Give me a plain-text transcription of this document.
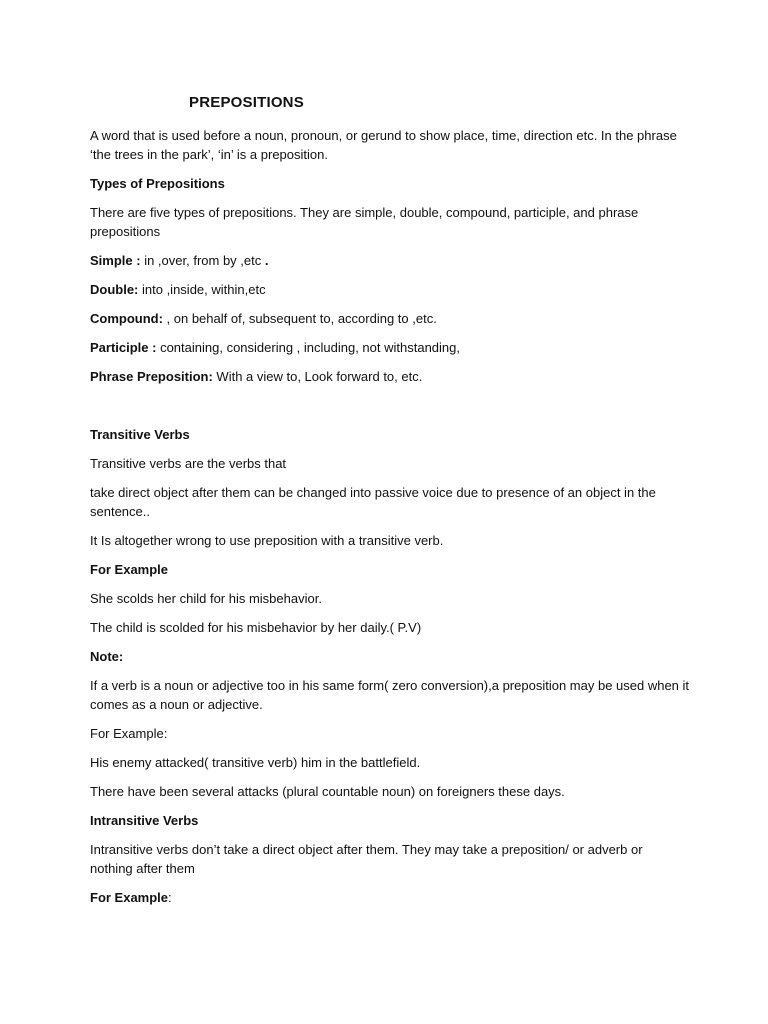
PREPOSITIONS

A word that is used before a noun, pronoun, or gerund to show place, time, direction etc. In the phrase
‘the trees in the park’, ‘in’ is a preposition.

Types of Prepositions

There are five types of prepositions. They are simple, double, compound, participle, and phrase
prepositions

Simple : in ,over, from by ,etc .

Double: into ,inside, within,etc

Compound: , on behalf of, subsequent to, according to ,etc.

Participle : containing, considering , including, not withstanding,

Phrase Preposition: With a view to, Look forward to, etc.

Transitive Verbs

Transitive verbs are the verbs that

take direct object after them can be changed into passive voice due to presence of an object in the
sentence..

It Is altogether wrong to use preposition with a transitive verb.

For Example

She scolds her child for his misbehavior.

The child is scolded for his misbehavior by her daily.( P.V)

Note:

If a verb is a noun or adjective too in his same form( zero conversion),a preposition may be used when it
comes as a noun or adjective.

For Example:

His enemy attacked( transitive verb) him in the battlefield.

There have been several attacks (plural countable noun) on foreigners these days.

Intransitive Verbs

Intransitive verbs don’t take a direct object after them. They may take a preposition/ or adverb or
nothing after them

For Example:
